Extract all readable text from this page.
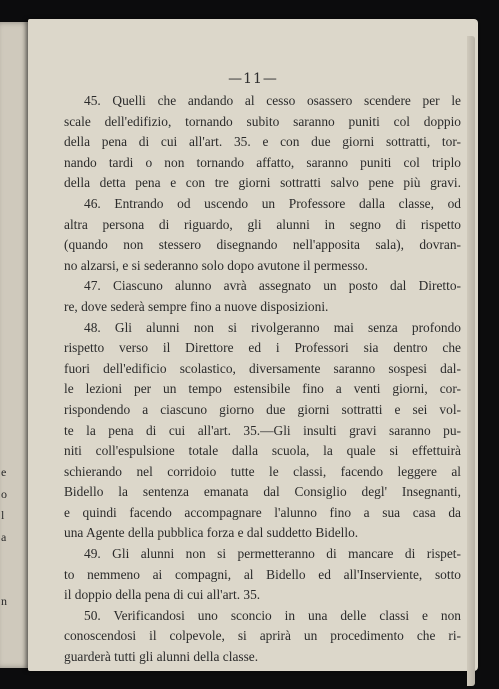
e
o
l
a
n
—11—
45. Quelli che andando al cesso osassero scendere per le
scale dell'edifizio, tornando subito saranno puniti col doppio
della pena di cui all'art. 35. e con due giorni sottratti, tor-
nando tardi o non tornando affatto, saranno puniti col triplo
della detta pena e con tre giorni sottratti salvo pene più gravi.
46. Entrando od uscendo un Professore dalla classe, od
altra persona di riguardo, gli alunni in segno di rispetto
(quando non stessero disegnando nell'apposita sala), dovran-
no alzarsi, e si sederanno solo dopo avutone il permesso.
47. Ciascuno alunno avrà assegnato un posto dal Diretto-
re, dove sederà sempre fino a nuove disposizioni.
48. Gli alunni non si rivolgeranno mai senza profondo
rispetto verso il Direttore ed i Professori sia dentro che
fuori dell'edificio scolastico, diversamente saranno sospesi dal-
le lezioni per un tempo estensibile fino a venti giorni, cor-
rispondendo a ciascuno giorno due giorni sottratti e sei vol-
te la pena di cui all'art. 35.—Gli insulti gravi saranno pu-
niti coll'espulsione totale dalla scuola, la quale si effettuirà
schierando nel corridoio tutte le classi, facendo leggere al
Bidello la sentenza emanata dal Consiglio degl' Insegnanti,
e quindi facendo accompagnare l'alunno fino a sua casa da
una Agente della pubblica forza e dal suddetto Bidello.
49. Gli alunni non si permetteranno di mancare di rispet-
to nemmeno ai compagni, al Bidello ed all'Inserviente, sotto
il doppio della pena di cui all'art. 35.
50. Verificandosi uno sconcio in una delle classi e non
conoscendosi il colpevole, si aprirà un procedimento che ri-
guarderà tutti gli alunni della classe.
